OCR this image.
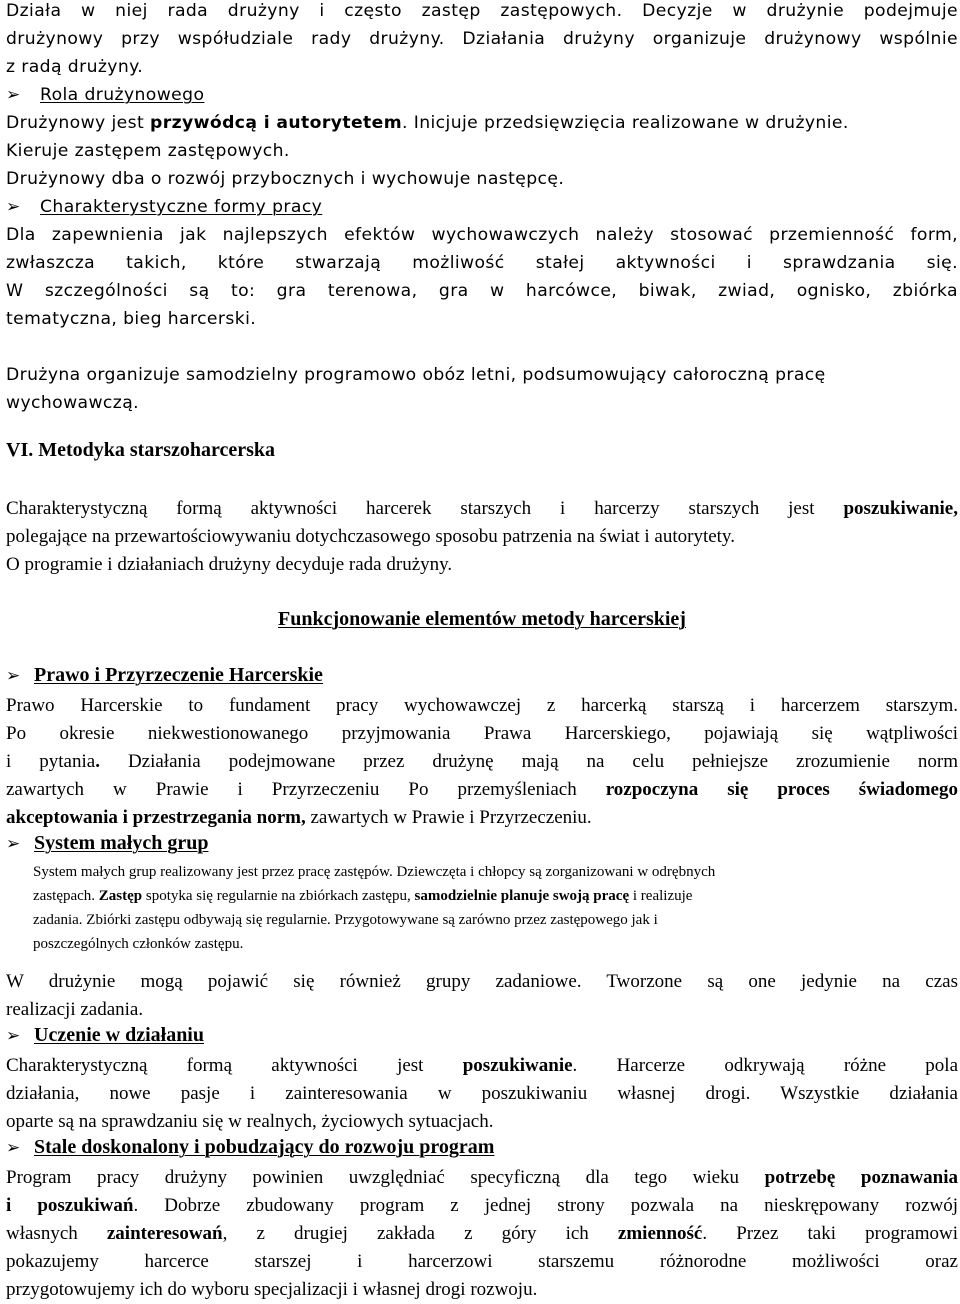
Działa w niej rada drużyny i często zastęp zastępowych. Decyzje w drużynie podejmuje
drużynowy przy współudziale rady drużyny. Działania drużyny organizuje drużynowy wspólnie
z radą drużyny.
➢ Rola drużynowego
Drużynowy jest przywódcą i autorytetem. Inicjuje przedsięwzięcia realizowane w drużynie.
Kieruje zastępem zastępowych.
Drużynowy dba o rozwój przybocznych i wychowuje następcę.
➢ Charakterystyczne formy pracy
Dla zapewnienia jak najlepszych efektów wychowawczych należy stosować przemienność form,
zwłaszcza takich, które stwarzają możliwość stałej aktywności i sprawdzania się.
W szczególności są to: gra terenowa, gra w harcówce, biwak, zwiad, ognisko, zbiórka
tematyczna, bieg harcerski.
Drużyna organizuje samodzielny programowo obóz letni, podsumowujący całoroczną pracę
wychowawczą.
VI. Metodyka starszoharcerska
Charakterystyczną formą aktywności harcerek starszych i harcerzy starszych jest poszukiwanie,
polegające na przewartościowywaniu dotychczasowego sposobu patrzenia na świat i autorytety.
O programie i działaniach drużyny decyduje rada drużyny.
Funkcjonowanie elementów metody harcerskiej
➢ Prawo i Przyrzeczenie Harcerskie
Prawo Harcerskie to fundament pracy wychowawczej z harcerką starszą i harcerzem starszym.
Po okresie niekwestionowanego przyjmowania Prawa Harcerskiego, pojawiają się wątpliwości
i pytania. Działania podejmowane przez drużynę mają na celu pełniejsze zrozumienie norm
zawartych w Prawie i Przyrzeczeniu Po przemyśleniach rozpoczyna się proces świadomego
akceptowania i przestrzegania norm, zawartych w Prawie i Przyrzeczeniu.
➢ System małych grup
System małych grup realizowany jest przez pracę zastępów. Dziewczęta i chłopcy są zorganizowani w odrębnych
zastępach. Zastęp spotyka się regularnie na zbiórkach zastępu, samodzielnie planuje swoją pracę i realizuje
zadania. Zbiórki zastępu odbywają się regularnie. Przygotowywane są zarówno przez zastępowego jak i
poszczególnych członków zastępu.
W drużynie mogą pojawić się również grupy zadaniowe. Tworzone są one jedynie na czas
realizacji zadania.
➢ Uczenie w działaniu
Charakterystyczną formą aktywności jest poszukiwanie. Harcerze odkrywają różne pola
działania, nowe pasje i zainteresowania w poszukiwaniu własnej drogi. Wszystkie działania
oparte są na sprawdzaniu się w realnych, życiowych sytuacjach.
➢ Stale doskonalony i pobudzający do rozwoju program
Program pracy drużyny powinien uwzględniać specyficzną dla tego wieku potrzebę poznawania
i poszukiwań. Dobrze zbudowany program z jednej strony pozwala na nieskrępowany rozwój
własnych zainteresowań, z drugiej zakłada z góry ich zmienność. Przez taki programowi
pokazujemy harcerce starszej i harcerzowi starszemu różnorodne możliwości oraz
przygotowujemy ich do wyboru specjalizacji i własnej drogi rozwoju.
